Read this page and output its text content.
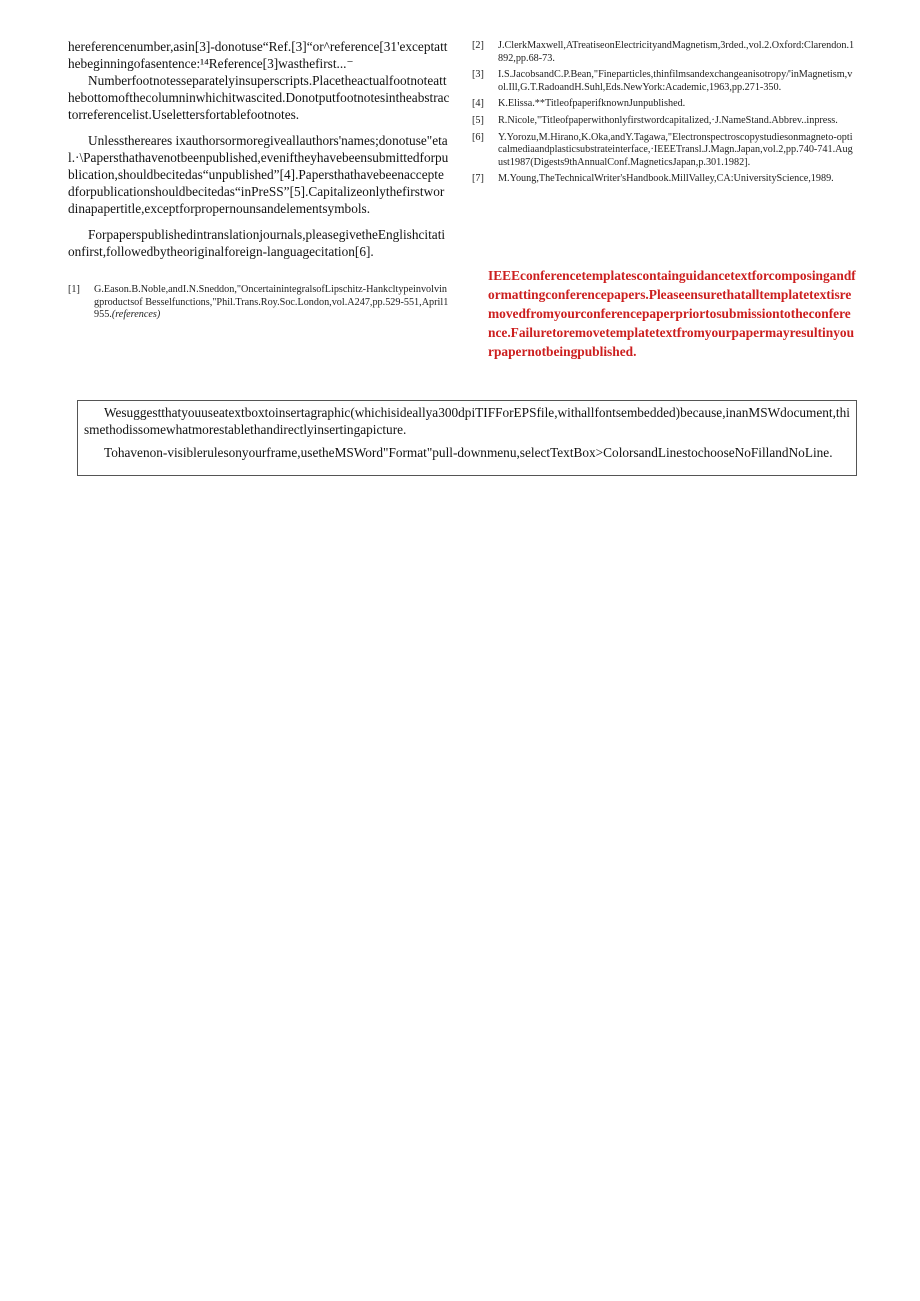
hereferencenumber,asin[3]-donotuse“Ref.[3]“or^reference[31'exceptatthebeginningofasentence:¹⁴Reference[3]wasthefirst...⁻

Numberfootnotesseparatelyinsuperscripts.Placetheactualfootnoteatthebottomofthecolumninwhichitwascited.Donotputfootnotesintheabstractorreferencelist.Uselettersfortablefootnotes.

Unlessthereares ixauthorsormoregiveallauthors'names;donotuse"etal.·\Papersthathavenotbeenpublished,eveniftheyhavebeensubmittedforpublication,shouldbecitedas“unpublished”[4].Papersthathavebeenacceptedforpublicationshouldbecitedas“inPreSS”[5].Capitalizeonlythefirstwordinapapertitle,exceptforpropernounsandelementsymbols.

Forpaperspublishedintranslationjournals,pleasegivetheEnglishcitationfirst,followedbytheoriginalforeign-languagecitation[6].

[1]	G.Eason.B.Noble,andI.N.Sneddon,"OncertainintegralsofLipschitz-Hankcltypeinvolvingproductsof Besselfunctions,"Phil.Trans.Roy.Soc.London,vol.A247,pp.529-551,April1955.(references)
[2]	J.ClerkMaxwell,ATreatiseonElectricityandMagnetism,3rded.,vol.2.Oxford:Clarendon.1892,pp.68-73.
[3]	I.S.JacobsandC.P.Bean,"Fineparticles,thinfilmsandexchangeanisotropy/'inMagnetism,vol.Ill,G.T.RadoandH.Suhl,Eds.NewYork:Academic,1963,pp.271-350.
[4]	K.Elissa.**TitleofpaperifknownJunpublished.
[5]	R.Nicole,"Titleofpaperwithonlyfirstwordcapitalized,·J.NameStand.Abbrev..inpress.
[6]	Y.Yorozu,M.Hirano,K.Oka,andY.Tagawa,"Electronspectroscopystudiesonmagneto-opticalmediaandplasticsubstrateinterface,·IEEETransl.J.Magn.Japan,vol.2,pp.740-741.August1987(Digests9thAnnualConf.MagneticsJapan,p.301.1982].
[7]	M.Young,TheTechnicalWriter'sHandbook.MillValley,CA:UniversityScience,1989.
IEEEconferencetemplatescontainguidancetextforcomposingandformattingconferencepapers.Pleaseensurethatalltemplatetextisremovedfromyourconferencepaperpriortosubmissiontotheconference.Failuretoremovetemplatetextfromyourpapermayresultinyourpapernotbeingpublished.

Wesuggestthatyouuseatextboxtoinsertagraphic(whichisideallya300dpiTIFForEPSfile,withallfontsembedded)because,inanMSWdocument,thismethodissomewhatmorestablethandirectlyinsertingapicture.

Tohavenon-visiblerulesonyourframe,usetheMSWord"Format"pull-downmenu,selectTextBox>ColorsandLinestochooseNoFillandNoLine.
